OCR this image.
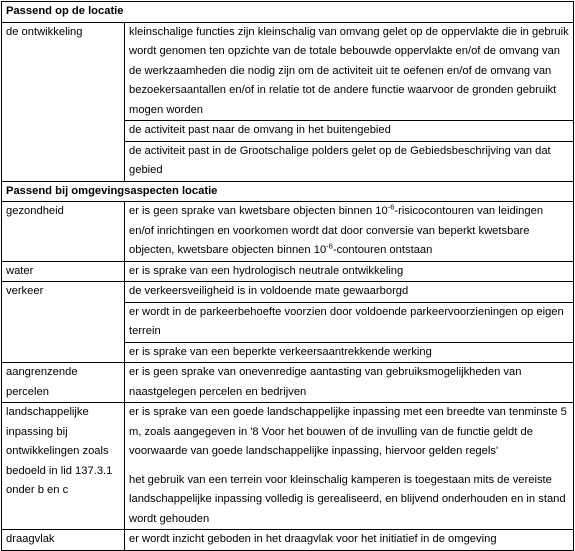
Passend op de locatie	
de ontwikkeling	kleinschalige functies zijn kleinschalig van omvang gelet op de oppervlakte die in gebruik wordt genomen ten opzichte van de totale bebouwde oppervlakte en/of de omvang van de werkzaamheden die nodig zijn om de activiteit uit te oefenen en/of de omvang van bezoekersaantallen en/of in relatie tot de andere functie waarvoor de gronden gebruikt mogen worden
	de activiteit past naar de omvang in het buitengebied
	de activiteit past in de Grootschalige polders gelet op de Gebiedsbeschrijving van dat gebied
Passend bij omgevingsaspecten locatie	
gezondheid	er is geen sprake van kwetsbare objecten binnen $10^{-6}$-risicocontouren van leidingen en/of inrichtingen en voorkomen wordt dat door conversie van beperkt kwetsbare objecten, kwetsbare objecten binnen $10^{-6}$-contouren ontstaan
water	er is sprake van een hydrologisch neutrale ontwikkeling
verkeer	de verkeersveiligheid is in voldoende mate gewaarborgd
	er wordt in de parkeerbehoefte voorzien door voldoende parkeervoorzieningen op eigen terrein
	er is sprake van een beperkte verkeersaantrekkende werking
aangrenzende percelen	er is geen sprake van onevenredige aantasting van gebruiksmogelijkheden van naastgelegen percelen en bedrijven
landschappelijke inpassing bij ontwikkelingen zoals bedoeld in lid 137.3.1 onder b en c	er is sprake van een goede landschappelijke inpassing met een breedte van tenminste 5 m, zoals aangegeven in '8 Voor het bouwen of de invulling van de functie geldt de voorwaarde van goede landschappelijke inpassing, hiervoor gelden regels'
het gebruik van een terrein voor kleinschalig kamperen is toegestaan mits de vereiste landschappelijke inpassing volledig is gerealiseerd, en blijvend onderhouden en in stand wordt gehouden

draagvlak	er wordt inzicht geboden in het draagvlak voor het initiatief in de omgeving
